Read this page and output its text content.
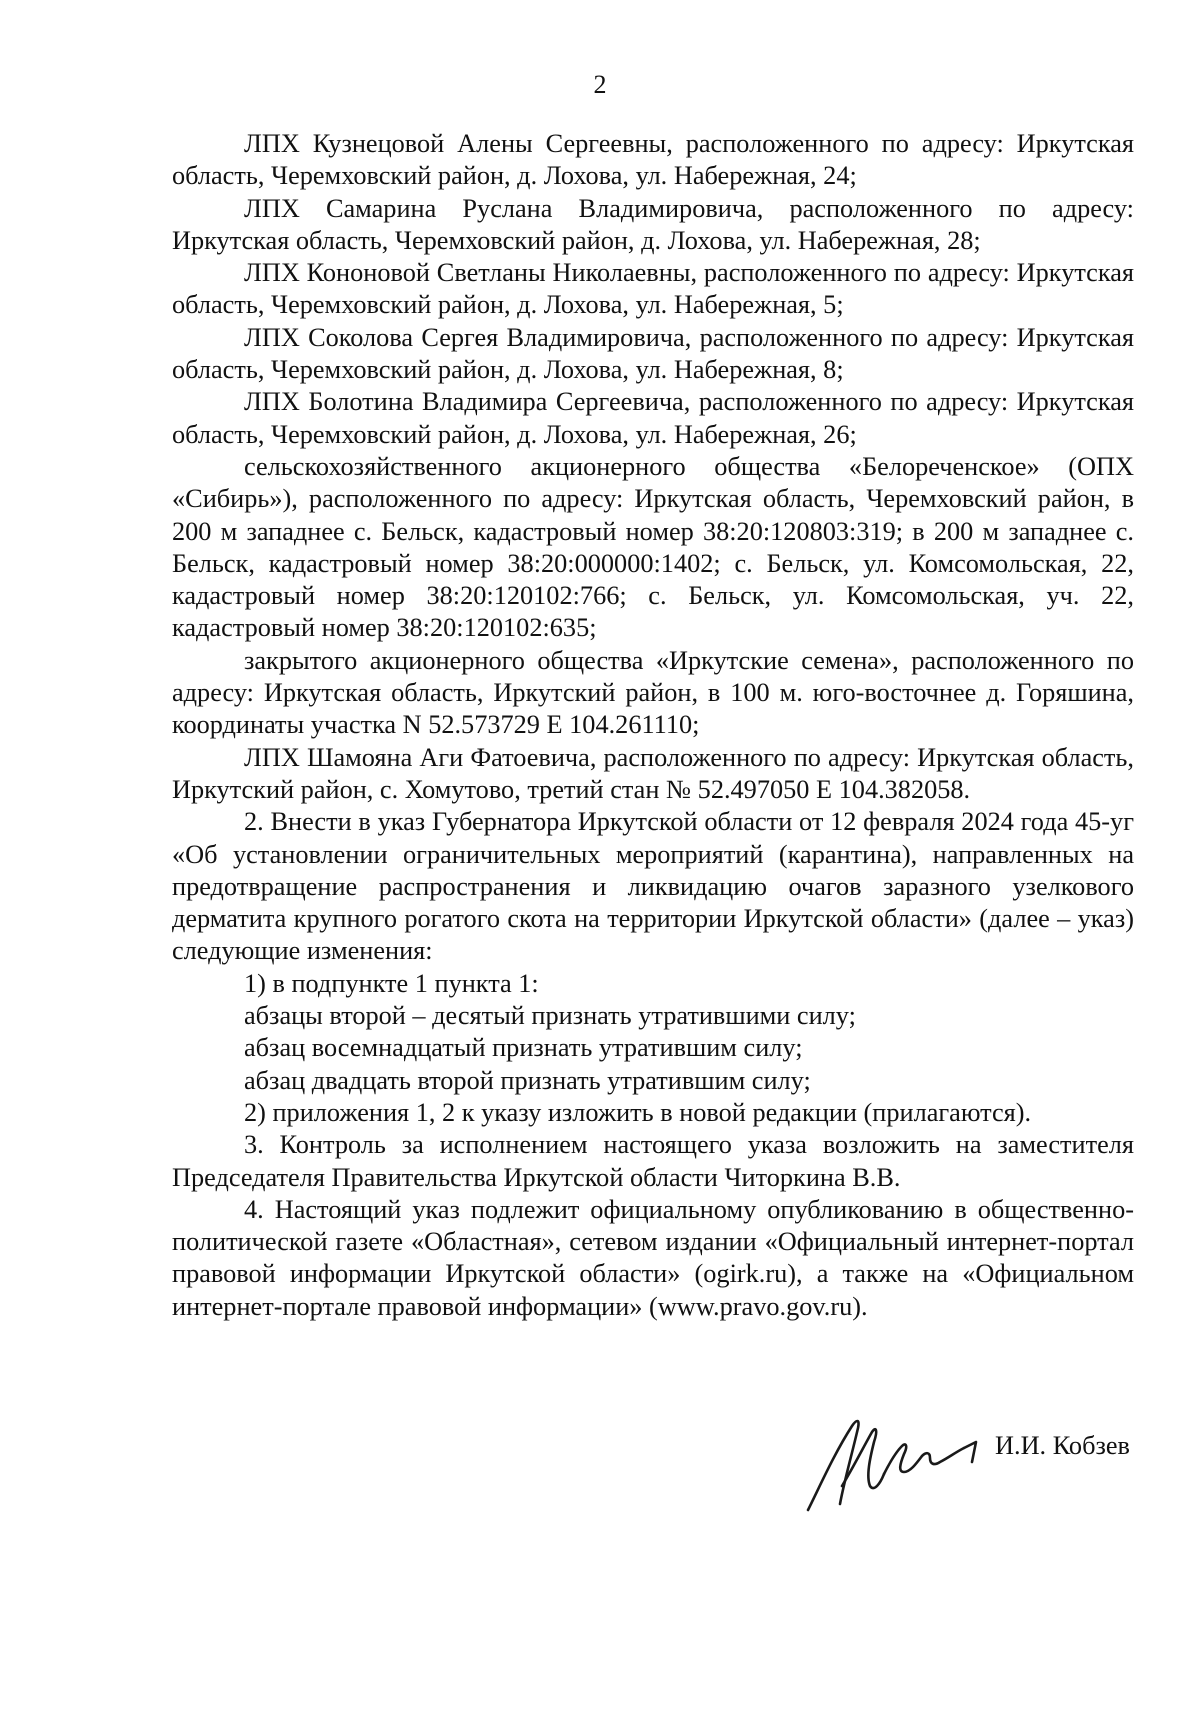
2

ЛПХ Кузнецовой Алены Сергеевны, расположенного по адресу: Иркутская область, Черемховский район, д. Лохова, ул. Набережная, 24;

ЛПХ Самарина Руслана Владимировича, расположенного по адресу: Иркутская область, Черемховский район, д. Лохова, ул. Набережная, 28;

ЛПХ Кононовой Светланы Николаевны, расположенного по адресу: Иркутская область, Черемховский район, д. Лохова, ул. Набережная, 5;

ЛПХ Соколова Сергея Владимировича, расположенного по адресу: Иркутская область, Черемховский район, д. Лохова, ул. Набережная, 8;

ЛПХ Болотина Владимира Сергеевича, расположенного по адресу: Иркутская область, Черемховский район, д. Лохова, ул. Набережная, 26;

сельскохозяйственного акционерного общества «Белореченское» (ОПХ «Сибирь»), расположенного по адресу: Иркутская область, Черемховский район, в 200 м западнее с. Бельск, кадастровый номер 38:20:120803:319; в 200 м западнее с. Бельск, кадастровый номер 38:20:000000:1402; с. Бельск, ул. Комсомольская, 22, кадастровый номер 38:20:120102:766; с. Бельск, ул. Комсомольская, уч. 22, кадастровый номер 38:20:120102:635;

закрытого акционерного общества «Иркутские семена», расположенного по адресу: Иркутская область, Иркутский район, в 100 м. юго-восточнее д. Горяшина, координаты участка N 52.573729 E 104.261110;

ЛПХ Шамояна Аги Фатоевича, расположенного по адресу: Иркутская область, Иркутский район, с. Хомутово, третий стан № 52.497050 E 104.382058.

2. Внести в указ Губернатора Иркутской области от 12 февраля 2024 года 45-уг «Об установлении ограничительных мероприятий (карантина), направленных на предотвращение распространения и ликвидацию очагов заразного узелкового дерматита крупного рогатого скота на территории Иркутской области» (далее – указ) следующие изменения:

1) в подпункте 1 пункта 1:

абзацы второй – десятый признать утратившими силу;

абзац восемнадцатый признать утратившим силу;

абзац двадцать второй признать утратившим силу;

2) приложения 1, 2 к указу изложить в новой редакции (прилагаются).

3. Контроль за исполнением настоящего указа возложить на заместителя Председателя Правительства Иркутской области Читоркина В.В.

4. Настоящий указ подлежит официальному опубликованию в общественно-политической газете «Областная», сетевом издании «Официальный интернет-портал правовой информации Иркутской области» (ogirk.ru), а также на «Официальном интернет-портале правовой информации» (www.pravo.gov.ru).

И.И. Кобзев
